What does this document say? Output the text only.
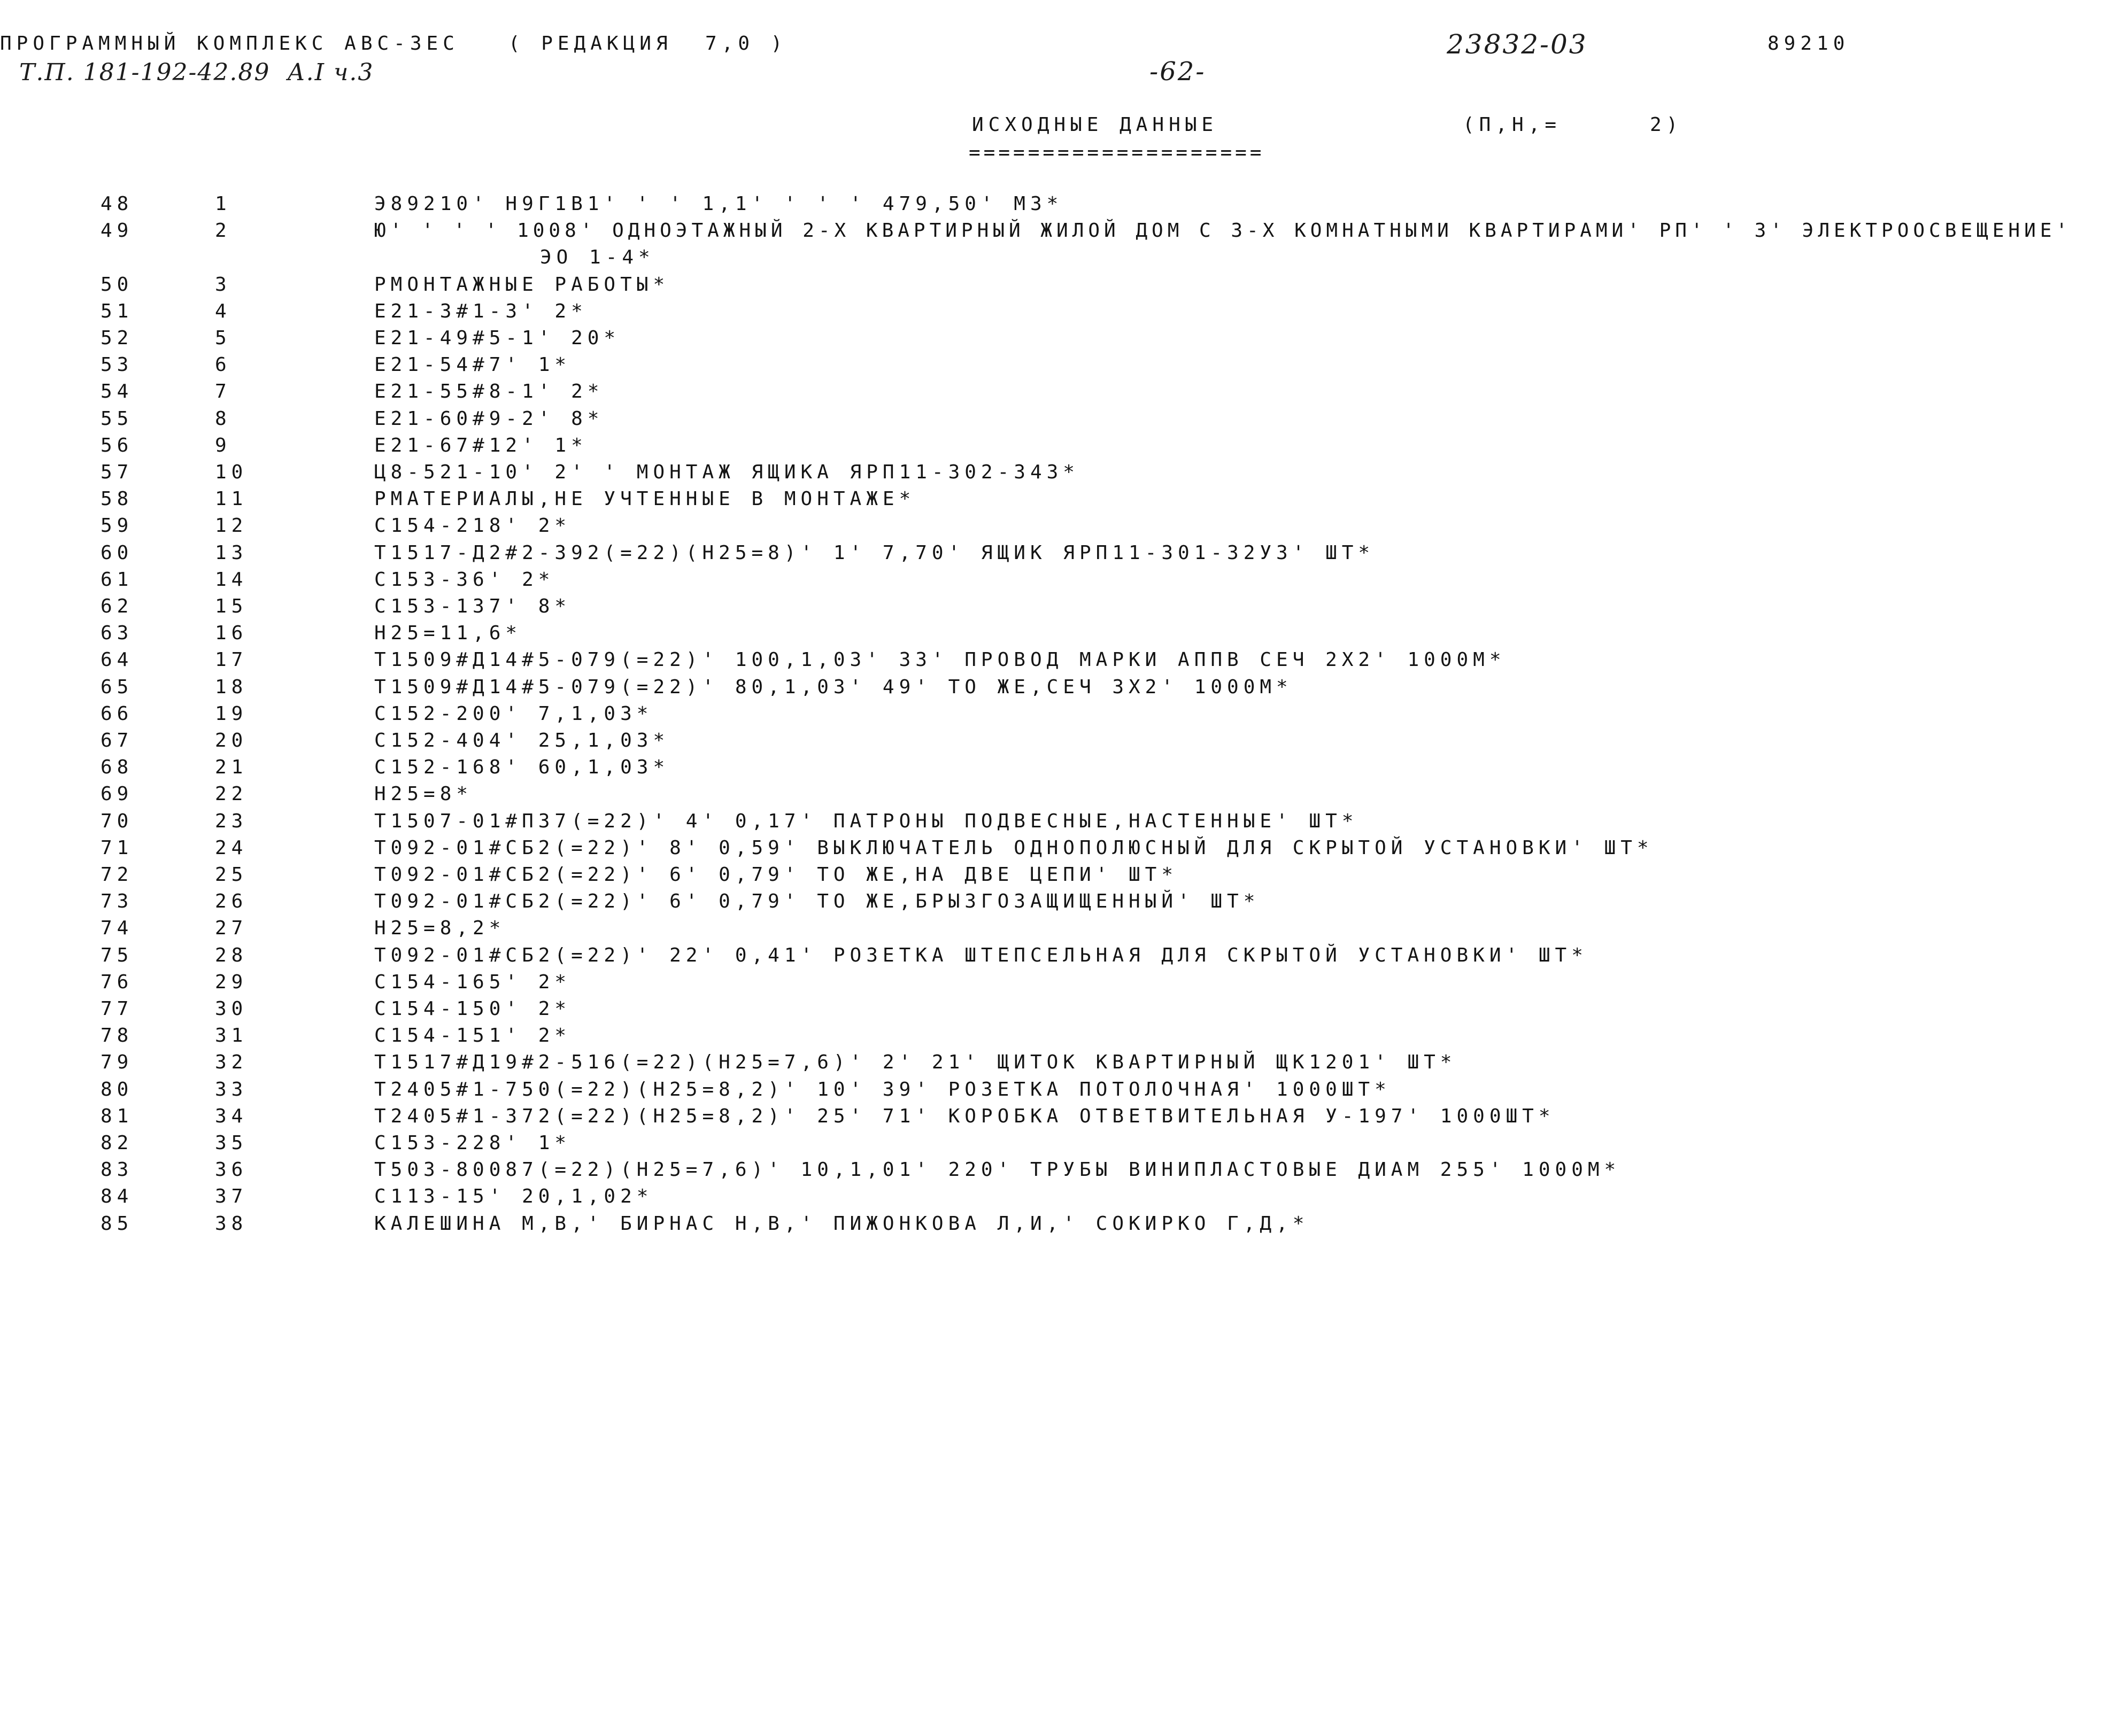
ПРОГРАММНЫЙ КОМПЛЕКС АВС-3ЕС   ( РЕДАКЦИЯ  7,0 )
Т.П. 181-192-42.89  А.I ч.3	-62-
23832-03	89210
ИСХОДНЫЕ ДАННЫЕ
====================
(П,Н,=	2)
48	1	Э89210' Н9Г1В1' ' ' 1,1' ' ' ' 479,50' М3*
49	2	Ю' ' ' ' 1008' ОДНОЭТАЖНЫЙ 2-Х КВАРТИРНЫЙ ЖИЛОЙ ДОМ С 3-Х КОМНАТНЫМИ КВАРТИРАМИ' РП' ' 3' ЭЛЕКТРООСВЕЩЕНИЕ'
ЭО 1-4*
50	3	РМОНТАЖНЫЕ РАБОТЫ*
51	4	Е21-3#1-3' 2*
52	5	Е21-49#5-1' 20*
53	6	Е21-54#7' 1*
54	7	Е21-55#8-1' 2*
55	8	Е21-60#9-2' 8*
56	9	Е21-67#12' 1*
57	10	Ц8-521-10' 2' ' МОНТАЖ ЯЩИКА ЯРП11-302-343*
58	11	РМАТЕРИАЛЫ,НЕ УЧТЕННЫЕ В МОНТАЖЕ*
59	12	С154-218' 2*
60	13	Т1517-Д2#2-392(=22)(Н25=8)' 1' 7,70' ЯЩИК ЯРП11-301-32У3' ШТ*
61	14	С153-36' 2*
62	15	С153-137' 8*
63	16	Н25=11,6*
64	17	Т1509#Д14#5-079(=22)' 100,1,03' 33' ПРОВОД МАРКИ АППВ СЕЧ 2Х2' 1000М*
65	18	Т1509#Д14#5-079(=22)' 80,1,03' 49' ТО ЖЕ,СЕЧ 3Х2' 1000М*
66	19	С152-200' 7,1,03*
67	20	С152-404' 25,1,03*
68	21	С152-168' 60,1,03*
69	22	Н25=8*
70	23	Т1507-01#П37(=22)' 4' 0,17' ПАТРОНЫ ПОДВЕСНЫЕ,НАСТЕННЫЕ' ШТ*
71	24	Т092-01#СБ2(=22)' 8' 0,59' ВЫКЛЮЧАТЕЛЬ ОДНОПОЛЮСНЫЙ ДЛЯ СКРЫТОЙ УСТАНОВКИ' ШТ*
72	25	Т092-01#СБ2(=22)' 6' 0,79' ТО ЖЕ,НА ДВЕ ЦЕПИ' ШТ*
73	26	Т092-01#СБ2(=22)' 6' 0,79' ТО ЖЕ,БРЫЗГОЗАЩИЩЕННЫЙ' ШТ*
74	27	Н25=8,2*
75	28	Т092-01#СБ2(=22)' 22' 0,41' РОЗЕТКА ШТЕПСЕЛЬНАЯ ДЛЯ СКРЫТОЙ УСТАНОВКИ' ШТ*
76	29	С154-165' 2*
77	30	С154-150' 2*
78	31	С154-151' 2*
79	32	Т1517#Д19#2-516(=22)(Н25=7,6)' 2' 21' ЩИТОК КВАРТИРНЫЙ ЩК1201' ШТ*
80	33	Т2405#1-750(=22)(Н25=8,2)' 10' 39' РОЗЕТКА ПОТОЛОЧНАЯ' 1000ШТ*
81	34	Т2405#1-372(=22)(Н25=8,2)' 25' 71' КОРОБКА ОТВЕТВИТЕЛЬНАЯ У-197' 1000ШТ*
82	35	С153-228' 1*
83	36	Т503-80087(=22)(Н25=7,6)' 10,1,01' 220' ТРУБЫ ВИНИПЛАСТОВЫЕ ДИАМ 255' 1000М*
84	37	С113-15' 20,1,02*
85	38	КАЛЕШИНА М,В,' БИРНАС Н,В,' ПИЖОНКОВА Л,И,' СОКИРКО Г,Д,*
